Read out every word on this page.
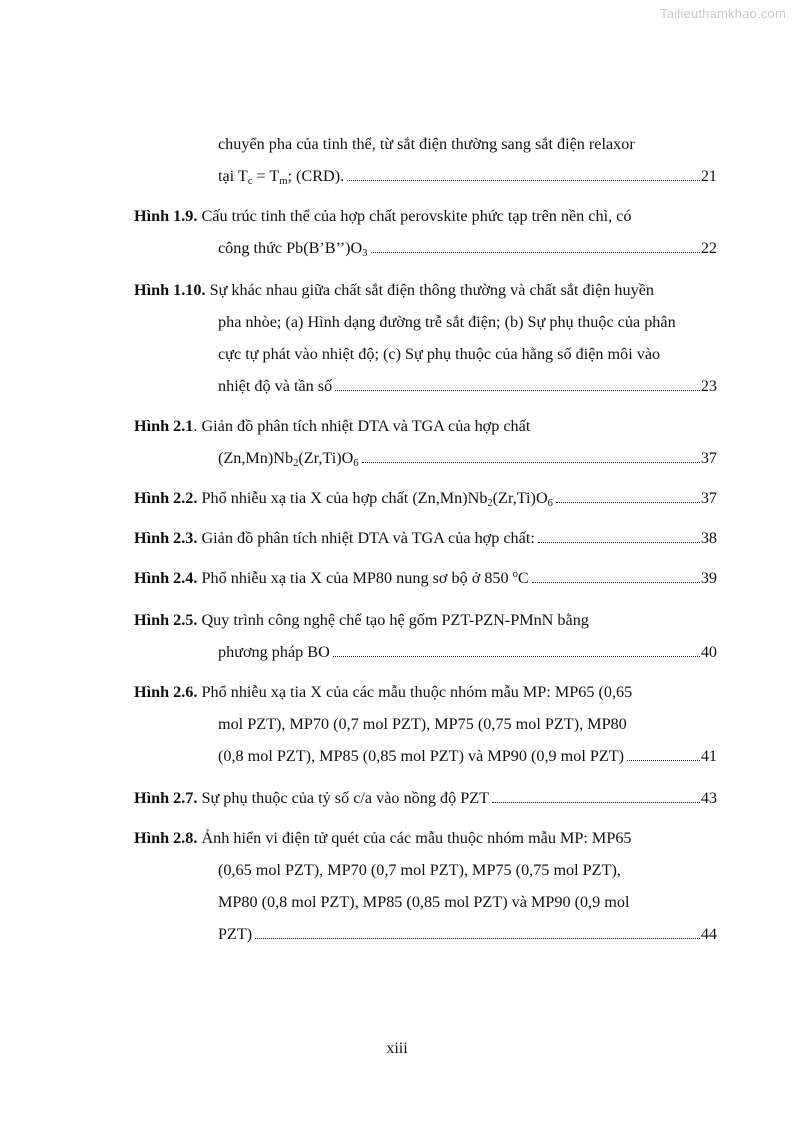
Tailieuthamkhao.com
chuyển pha của tinh thể, từ sắt điện thường sang sắt điện relaxor
tại $T_c = T_m$; (CRD).	21
Hình 1.9. Cấu trúc tinh thể của hợp chất perovskite phức tạp trên nền chì, có
công thức $Pb(B’B’’)O_3$	22
Hình 1.10. Sự khác nhau giữa chất sắt điện thông thường và chất sắt điện huyền
pha nhòe; (a) Hình dạng đường trễ sắt điện; (b) Sự phụ thuộc của phân
cực tự phát vào nhiệt độ; (c) Sự phụ thuộc của hằng số điện môi vào
nhiệt độ và tần số	23
Hình 2.1. Giản đồ phân tích nhiệt DTA và TGA của hợp chất
$(Zn,Mn)Nb_2(Zr,Ti)O_6$	37
Hình 2.2. Phổ nhiễu xạ tia X của hợp chất $(Zn,Mn)Nb_2(Zr,Ti)O_6$	37
Hình 2.3. Giản đồ phân tích nhiệt DTA và TGA của hợp chất:	38
Hình 2.4. Phổ nhiễu xạ tia X của MP80 nung sơ bộ ở 850 $^o$C	39
Hình 2.5. Quy trình công nghệ chế tạo hệ gốm PZT-PZN-PMnN bằng
phương pháp BO	40
Hình 2.6. Phổ nhiễu xạ tia X của các mẫu thuộc nhóm mẫu MP: MP65 (0,65
mol PZT), MP70 (0,7 mol PZT), MP75 (0,75 mol PZT), MP80
(0,8 mol PZT), MP85 (0,85 mol PZT) và MP90 (0,9 mol PZT)	41
Hình 2.7. Sự phụ thuộc của tỷ số c/a vào nồng độ PZT	43
Hình 2.8. Ảnh hiển vi điện tử quét của các mẫu thuộc nhóm mẫu MP: MP65
(0,65 mol PZT), MP70 (0,7 mol PZT), MP75 (0,75 mol PZT),
MP80 (0,8 mol PZT), MP85 (0,85 mol PZT) và MP90 (0,9 mol
PZT)	44
xiii
